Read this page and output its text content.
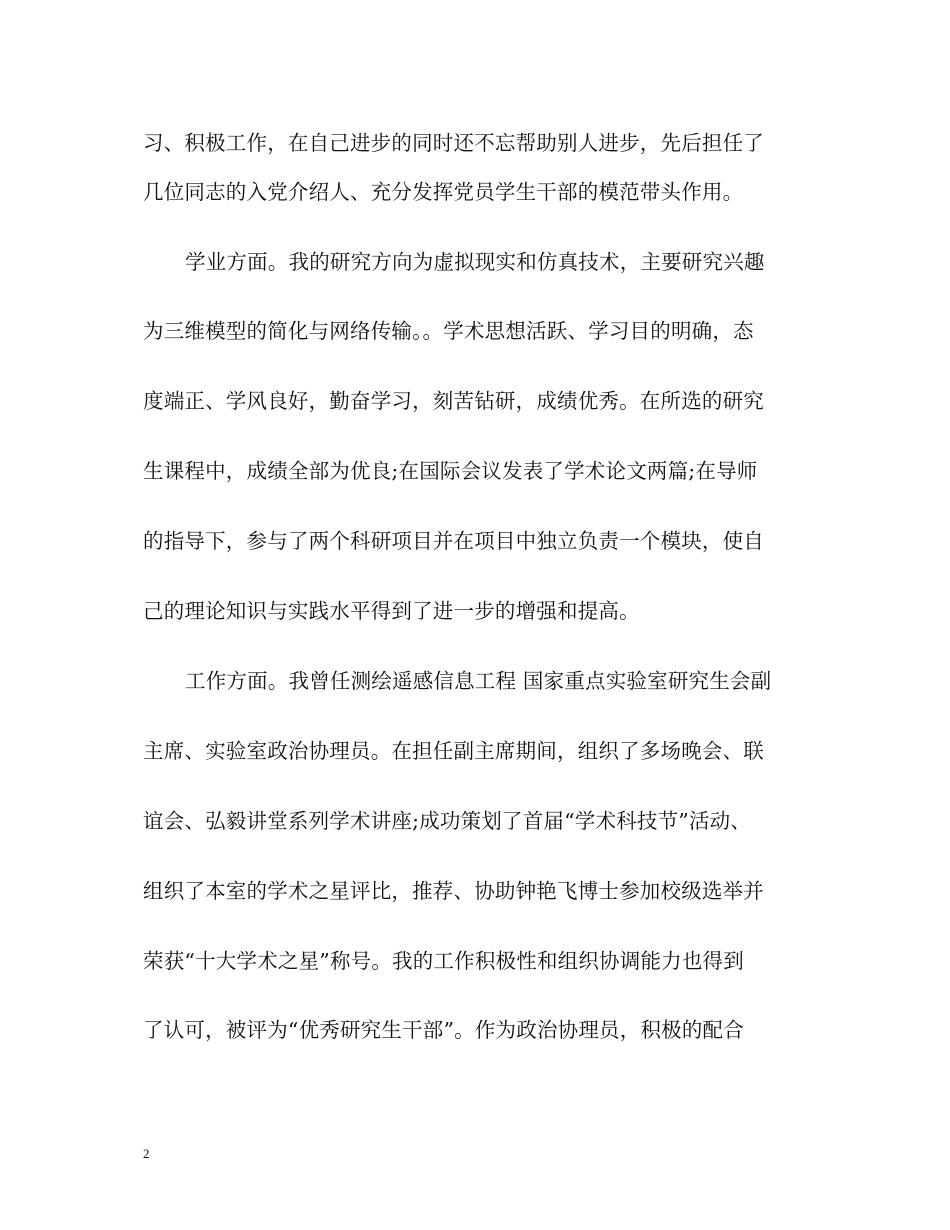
习、积极工作，在自己进步的同时还不忘帮助别人进步，先后担任了
几位同志的入党介绍人、充分发挥党员学生干部的模范带头作用。
学业方面。我的研究方向为虚拟现实和仿真技术，主要研究兴趣
为三维模型的简化与网络传输。。学术思想活跃、学习目的明确，态
度端正、学风良好，勤奋学习，刻苦钻研，成绩优秀。在所选的研究
生课程中，成绩全部为优良;在国际会议发表了学术论文两篇;在导师
的指导下，参与了两个科研项目并在项目中独立负责一个模块，使自
己的理论知识与实践水平得到了进一步的增强和提高。
工作方面。我曾任测绘遥感信息工程 国家重点实验室研究生会副
主席、实验室政治协理员。在担任副主席期间，组织了多场晚会、联
谊会、弘毅讲堂系列学术讲座;成功策划了首届“学术科技节”活动、
组织了本室的学术之星评比，推荐、协助钟艳飞博士参加校级选举并
荣获“十大学术之星”称号。我的工作积极性和组织协调能力也得到
了认可，被评为“优秀研究生干部”。作为政治协理员，积极的配合
2
